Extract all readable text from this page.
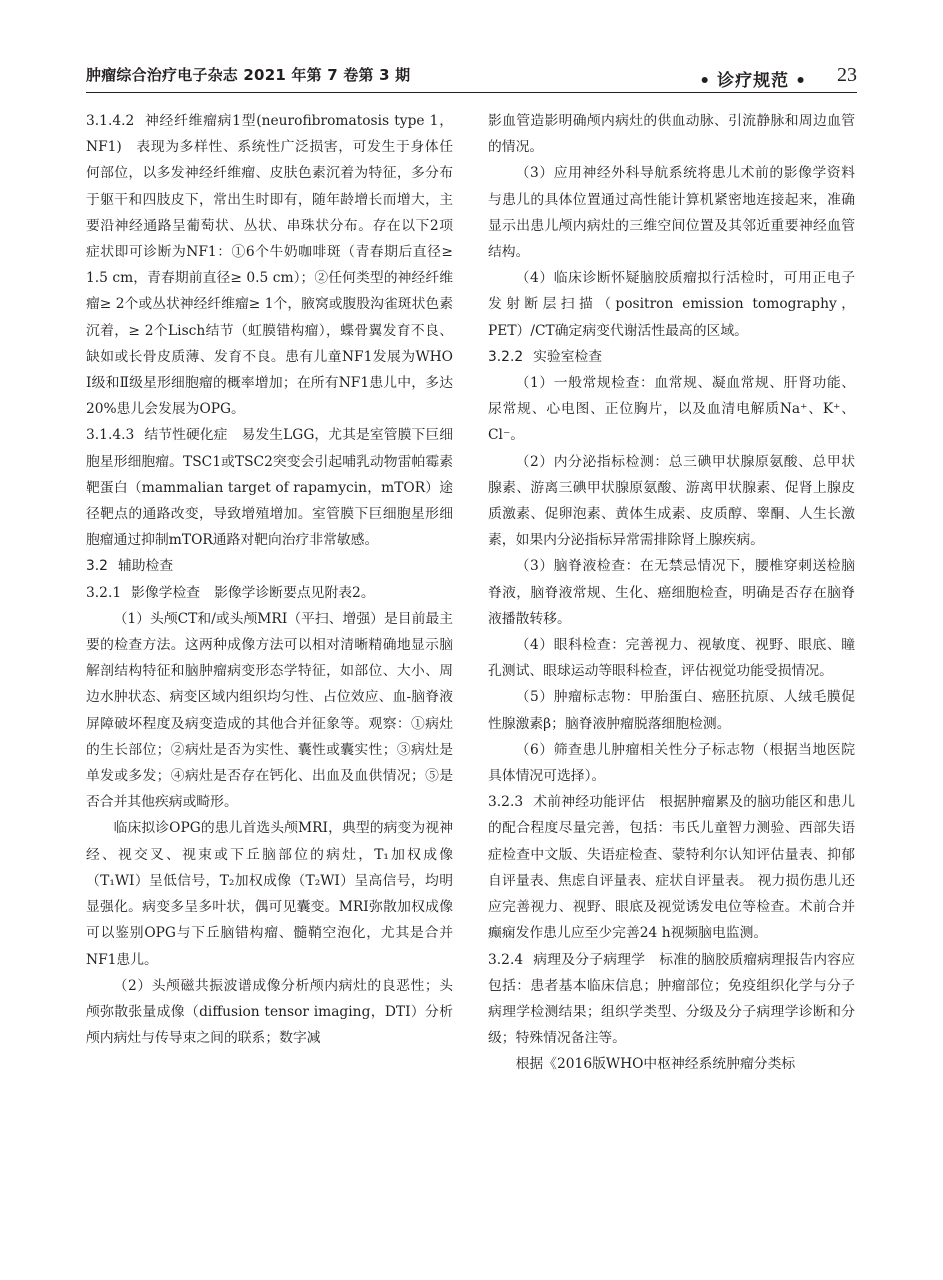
肿瘤综合治疗电子杂志 2021 年第 7 卷第 3 期	• 诊疗规范 •	23

3.1.4.2 神经纤维瘤病1型(neurofibromatosis type 1，NF1) 表现为多样性、系统性广泛损害，可发生于身体任何部位，以多发神经纤维瘤、皮肤色素沉着为特征，多分布于躯干和四肢皮下，常出生时即有，随年龄增长而增大，主要沿神经通路呈葡萄状、丛状、串珠状分布。存在以下2项症状即可诊断为NF1：①6个牛奶咖啡斑（青春期后直径≥ 1.5 cm，青春期前直径≥ 0.5 cm）；②任何类型的神经纤维瘤≥ 2个或丛状神经纤维瘤≥ 1个，腋窝或腹股沟雀斑状色素沉着，≥ 2个Lisch结节（虹膜错构瘤），蝶骨翼发育不良、缺如或长骨皮质薄、发育不良。患有儿童NF1发展为WHO Ⅰ级和Ⅱ级星形细胞瘤的概率增加；在所有NF1患儿中，多达20%患儿会发展为OPG。

3.1.4.3 结节性硬化症 易发生LGG，尤其是室管膜下巨细胞星形细胞瘤。TSC1或TSC2突变会引起哺乳动物雷帕霉素靶蛋白（mammalian target of rapamycin，mTOR）途径靶点的通路改变，导致增殖增加。室管膜下巨细胞星形细胞瘤通过抑制mTOR通路对靶向治疗非常敏感。

3.2 辅助检查

3.2.1 影像学检查 影像学诊断要点见附表2。

（1）头颅CT和/或头颅MRI（平扫、增强）是目前最主要的检查方法。这两种成像方法可以相对清晰精确地显示脑解剖结构特征和脑肿瘤病变形态学特征，如部位、大小、周边水肿状态、病变区域内组织均匀性、占位效应、血-脑脊液屏障破坏程度及病变造成的其他合并征象等。观察：①病灶的生长部位；②病灶是否为实性、囊性或囊实性；③病灶是单发或多发；④病灶是否存在钙化、出血及血供情况；⑤是否合并其他疾病或畸形。

临床拟诊OPG的患儿首选头颅MRI，典型的病变为视神经、视交叉、视束或下丘脑部位的病灶，T₁加权成像（T₁WI）呈低信号，T₂加权成像（T₂WI）呈高信号，均明显强化。病变多呈多叶状，偶可见囊变。MRI弥散加权成像可以鉴别OPG与下丘脑错构瘤、髓鞘空泡化，尤其是合并NF1患儿。

（2）头颅磁共振波谱成像分析颅内病灶的良恶性；头颅弥散张量成像（diffusion tensor imaging，DTI）分析颅内病灶与传导束之间的联系；数字减

影血管造影明确颅内病灶的供血动脉、引流静脉和周边血管的情况。

（3）应用神经外科导航系统将患儿术前的影像学资料与患儿的具体位置通过高性能计算机紧密地连接起来，准确显示出患儿颅内病灶的三维空间位置及其邻近重要神经血管结构。

（4）临床诊断怀疑脑胶质瘤拟行活检时，可用正电子发射断层扫描（positron emission tomography，PET）/CT确定病变代谢活性最高的区域。

3.2.2 实验室检查

（1）一般常规检查：血常规、凝血常规、肝肾功能、尿常规、心电图、正位胸片，以及血清电解质Na⁺、K⁺、Cl⁻。

（2）内分泌指标检测：总三碘甲状腺原氨酸、总甲状腺素、游离三碘甲状腺原氨酸、游离甲状腺素、促肾上腺皮质激素、促卵泡素、黄体生成素、皮质醇、睾酮、人生长激素，如果内分泌指标异常需排除肾上腺疾病。

（3）脑脊液检查：在无禁忌情况下，腰椎穿刺送检脑脊液，脑脊液常规、生化、癌细胞检查，明确是否存在脑脊液播散转移。

（4）眼科检查：完善视力、视敏度、视野、眼底、瞳孔测试、眼球运动等眼科检查，评估视觉功能受损情况。

（5）肿瘤标志物：甲胎蛋白、癌胚抗原、人绒毛膜促性腺激素β；脑脊液肿瘤脱落细胞检测。

（6）筛查患儿肿瘤相关性分子标志物（根据当地医院具体情况可选择）。

3.2.3 术前神经功能评估 根据肿瘤累及的脑功能区和患儿的配合程度尽量完善，包括：韦氏儿童智力测验、西部失语症检查中文版、失语症检查、蒙特利尔认知评估量表、抑郁自评量表、焦虑自评量表、症状自评量表。 视力损伤患儿还应完善视力、视野、眼底及视觉诱发电位等检查。术前合并癫痫发作患儿应至少完善24 h视频脑电监测。

3.2.4 病理及分子病理学 标准的脑胶质瘤病理报告内容应包括：患者基本临床信息；肿瘤部位；免疫组织化学与分子病理学检测结果；组织学类型、分级及分子病理学诊断和分级；特殊情况备注等。

根据《2016版WHO中枢神经系统肿瘤分类标
